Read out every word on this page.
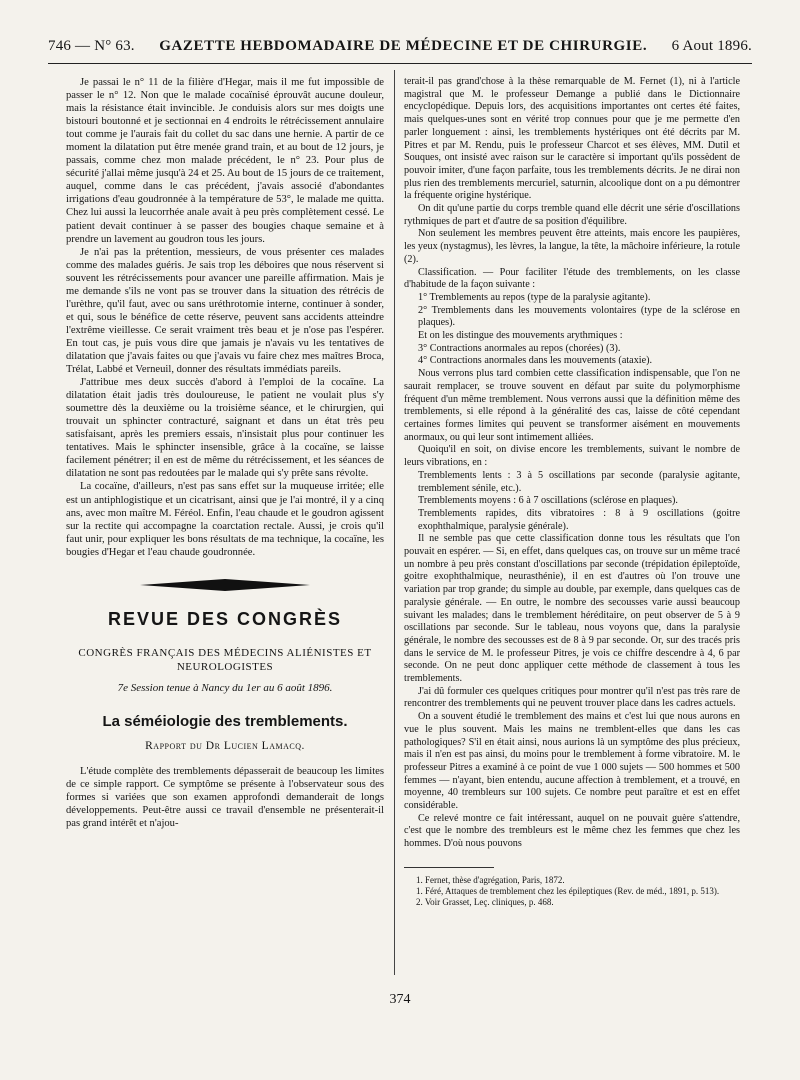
746 — N° 63. GAZETTE HEBDOMADAIRE DE MÉDECINE ET DE CHIRURGIE. 6 Aout 1896.

Je passai le n° 11 de la filière d'Hegar, mais il me fut impossible de passer le n° 12. Non que le malade cocaïnisé éprouvât aucune douleur, mais la résistance était invincible. Je conduisis alors sur mes doigts une bistouri boutonné et je sectionnai en 4 endroits le rétrécissement annulaire tout comme je l'aurais fait du collet du sac dans une hernie. A partir de ce moment la dilatation put être menée grand train, et au bout de 12 jours, je passais, comme chez mon malade précédent, le n° 23. Pour plus de sécurité j'allai même jusqu'à 24 et 25. Au bout de 15 jours de ce traitement, auquel, comme dans le cas précédent, j'avais associé d'abondantes irrigations d'eau goudronnée à la température de 53°, le malade me quitta. Chez lui aussi la leucorrhée anale avait à peu près complètement cessé. Le patient devait continuer à se passer des bougies chaque semaine et à prendre un lavement au goudron tous les jours.

Je n'ai pas la prétention, messieurs, de vous présenter ces malades comme des malades guéris. Je sais trop les déboires que nous réservent si souvent les rétrécissements pour avancer une pareille affirmation. Mais je me demande s'ils ne vont pas se trouver dans la situation des rétrécis de l'urèthre, qu'il faut, avec ou sans uréthrotomie interne, continuer à sonder, et qui, sous le bénéfice de cette réserve, peuvent sans accidents atteindre l'extrême vieillesse. Ce serait vraiment très beau et je n'ose pas l'espérer. En tout cas, je puis vous dire que jamais je n'avais vu les tentatives de dilatation que j'avais faites ou que j'avais vu faire chez mes maîtres Broca, Trélat, Labbé et Verneuil, donner des résultats immédiats pareils.

J'attribue mes deux succès d'abord à l'emploi de la cocaïne. La dilatation était jadis très douloureuse, le patient ne voulait plus s'y soumettre dès la deuxième ou la troisième séance, et le chirurgien, qui trouvait un sphincter contracturé, saignant et dans un état très peu satisfaisant, après les premiers essais, n'insistait plus pour continuer les tentatives. Mais le sphincter insensible, grâce à la cocaïne, se laisse facilement pénétrer; il en est de même du rétrécissement, et les séances de dilatation ne sont pas redoutées par le malade qui s'y prête sans révolte.

La cocaïne, d'ailleurs, n'est pas sans effet sur la muqueuse irritée; elle est un antiphlogistique et un cicatrisant, ainsi que je l'ai montré, il y a cinq ans, avec mon maître M. Féréol. Enfin, l'eau chaude et le goudron agissent sur la rectite qui accompagne la coarctation rectale. Aussi, je crois qu'il faut unir, pour expliquer les bons résultats de ma technique, la cocaïne, les bougies d'Hegar et l'eau chaude goudronnée.

REVUE DES CONGRÈS
CONGRÈS FRANÇAIS DES MÉDECINS ALIÉNISTES ET NEUROLOGISTES
7e Session tenue à Nancy du 1er au 6 août 1896.
La séméiologie des tremblements.
Rapport du Dr Lucien Lamacq.

L'étude complète des tremblements dépasserait de beaucoup les limites de ce simple rapport. Ce symptôme se présente à l'observateur sous des formes si variées que son examen approfondi demanderait de longs développements. Peut-être aussi ce travail d'ensemble ne présenterait-il pas grand intérêt et n'ajou-

terait-il pas grand'chose à la thèse remarquable de M. Fernet (1), ni à l'article magistral que M. le professeur Demange a publié dans le Dictionnaire encyclopédique. Depuis lors, des acquisitions importantes ont certes été faites, mais quelques-unes sont en vérité trop connues pour que je me permette d'en parler longuement : ainsi, les tremblements hystériques ont été décrits par M. Pitres et par M. Rendu, puis le professeur Charcot et ses élèves, MM. Dutil et Souques, ont insisté avec raison sur le caractère si important qu'ils possèdent de pouvoir imiter, d'une façon parfaite, tous les tremblements décrits. Je ne dirai non plus rien des tremblements mercuriel, saturnin, alcoolique dont on a pu démontrer la fréquente origine hystérique.

On dit qu'une partie du corps tremble quand elle décrit une série d'oscillations rythmiques de part et d'autre de sa position d'équilibre.

Non seulement les membres peuvent être atteints, mais encore les paupières, les yeux (nystagmus), les lèvres, la langue, la tête, la mâchoire inférieure, la rotule (2).

Classification. — Pour faciliter l'étude des tremblements, on les classe d'habitude de la façon suivante :

1° Tremblements au repos (type de la paralysie agitante).

2° Tremblements dans les mouvements volontaires (type de la sclérose en plaques).

Et on les distingue des mouvements arythmiques :

3° Contractions anormales au repos (chorées) (3).

4° Contractions anormales dans les mouvements (ataxie).

Nous verrons plus tard combien cette classification indispensable, que l'on ne saurait remplacer, se trouve souvent en défaut par suite du polymorphisme fréquent d'un même tremblement. Nous verrons aussi que la définition même des tremblements, si elle répond à la généralité des cas, laisse de côté cependant certaines formes limites qui peuvent se transformer aisément en mouvements anormaux, ou qui leur sont intimement alliées.

Quoiqu'il en soit, on divise encore les tremblements, suivant le nombre de leurs vibrations, en :

Tremblements lents : 3 à 5 oscillations par seconde (paralysie agitante, tremblement sénile, etc.).

Tremblements moyens : 6 à 7 oscillations (sclérose en plaques).

Tremblements rapides, dits vibratoires : 8 à 9 oscillations (goitre exophthalmique, paralysie générale).

Il ne semble pas que cette classification donne tous les résultats que l'on pouvait en espérer. — Si, en effet, dans quelques cas, on trouve sur un même tracé un nombre à peu près constant d'oscillations par seconde (trépidation épileptoïde, goitre exophthalmique, neurasthénie), il en est d'autres où l'on trouve une variation par trop grande; du simple au double, par exemple, dans quelques cas de paralysie générale. — En outre, le nombre des secousses varie aussi beaucoup suivant les malades; dans le tremblement héréditaire, on peut observer de 5 à 9 oscillations par seconde. Sur le tableau, nous voyons que, dans la paralysie générale, le nombre des secousses est de 8 à 9 par seconde. Or, sur des tracés pris dans le service de M. le professeur Pitres, je vois ce chiffre descendre à 4, 6 par seconde. On ne peut donc appliquer cette méthode de classement à tous les tremblements.

J'ai dû formuler ces quelques critiques pour montrer qu'il n'est pas très rare de rencontrer des tremblements qui ne peuvent trouver place dans les cadres actuels.

On a souvent étudié le tremblement des mains et c'est lui que nous aurons en vue le plus souvent. Mais les mains ne tremblent-elles que dans les cas pathologiques? S'il en était ainsi, nous aurions là un symptôme des plus précieux, mais il n'en est pas ainsi, du moins pour le tremblement à forme vibratoire. M. le professeur Pitres a examiné à ce point de vue 1 000 sujets — 500 hommes et 500 femmes — n'ayant, bien entendu, aucune affection à tremblement, et a trouvé, en moyenne, 40 trembleurs sur 100 sujets. Ce nombre peut paraître et est en effet considérable.

Ce relevé montre ce fait intéressant, auquel on ne pouvait guère s'attendre, c'est que le nombre des trembleurs est le même chez les femmes que chez les hommes. D'où nous pouvons

1. Fernet, thèse d'agrégation, Paris, 1872.

1. Féré, Attaques de tremblement chez les épileptiques (Rev. de méd., 1891, p. 513).

2. Voir Grasset, Leç. cliniques, p. 468.

374
